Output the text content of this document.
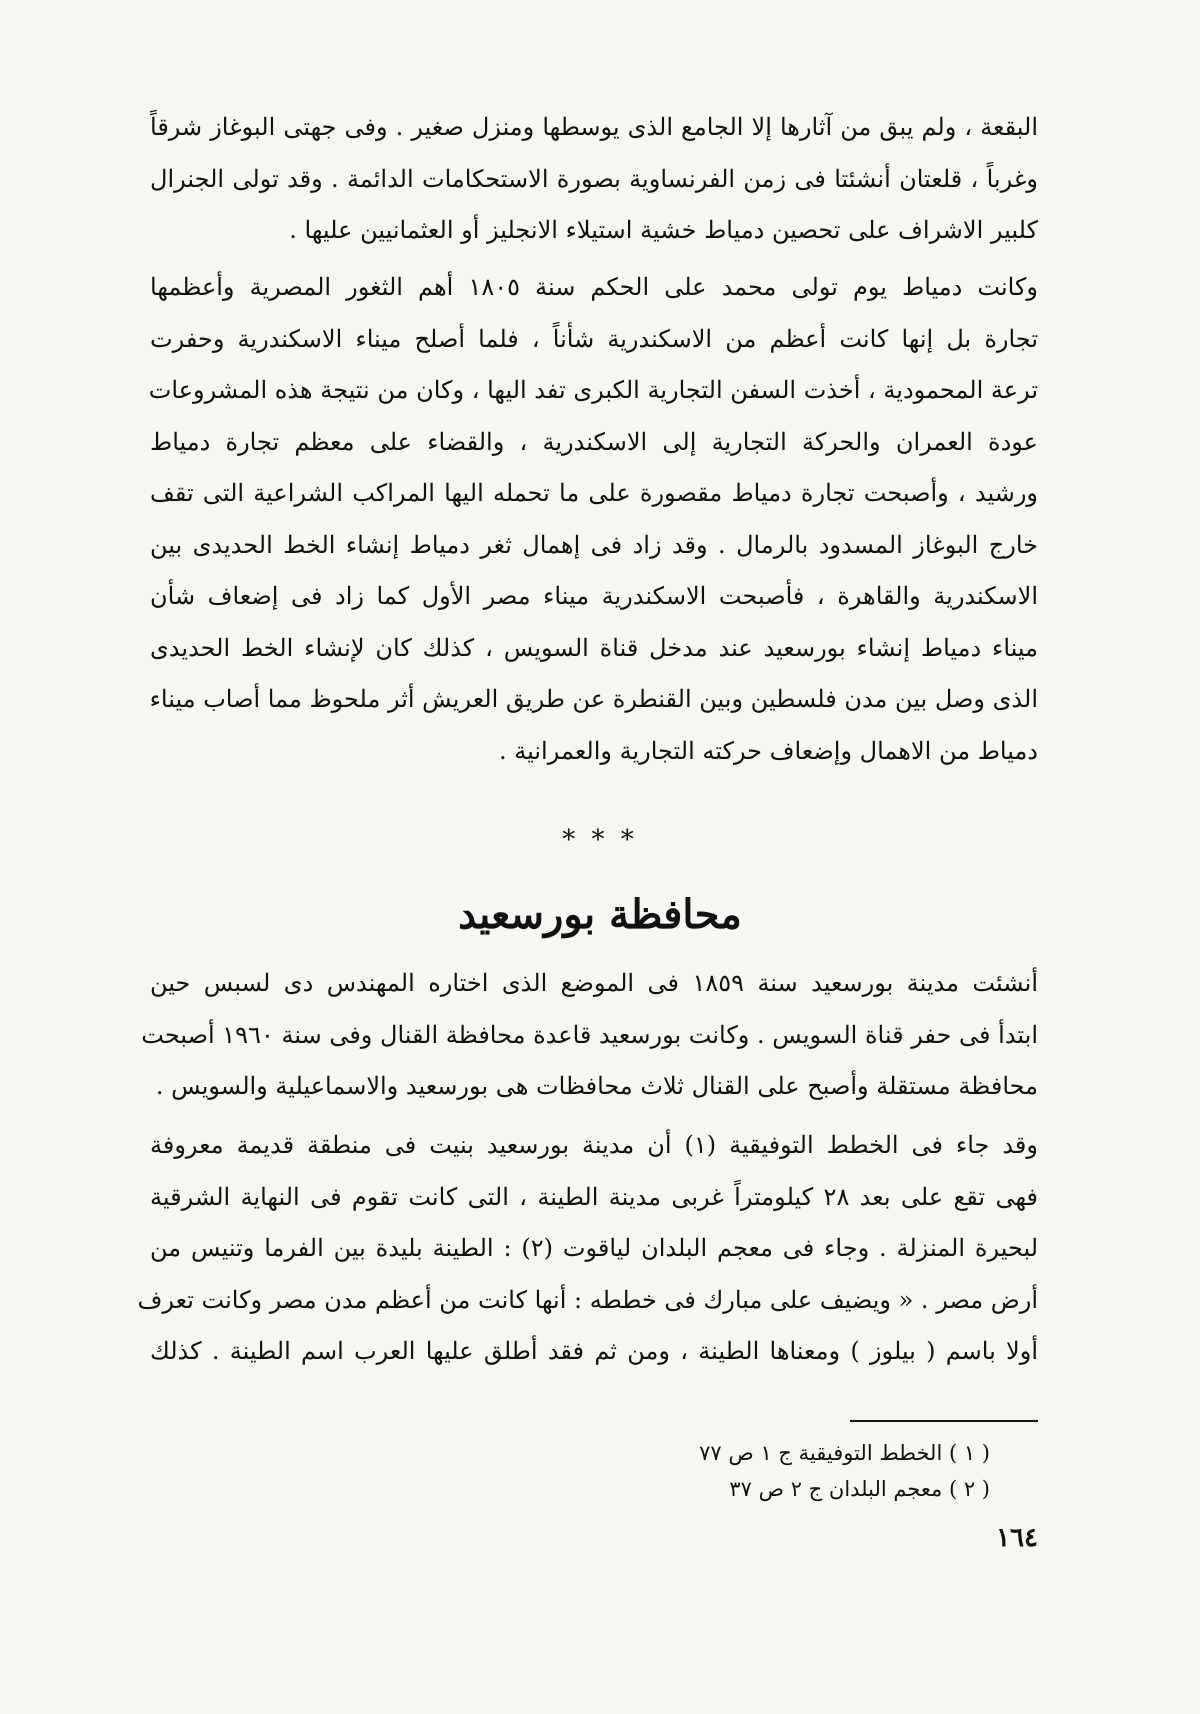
البقعة ، ولم يبق من آثارها إلا الجامع الذى يوسطها ومنزل صغير . وفى جهتى البوغاز شرقاً
وغرباً ، قلعتان أنشئتا فى زمن الفرنساوية بصورة الاستحكامات الدائمة . وقد تولى الجنرال
كلبير الاشراف على تحصين دمياط خشية استيلاء الانجليز أو العثمانيين عليها .
وكانت دمياط يوم تولى محمد على الحكم سنة ١٨٠٥ أهم الثغور المصرية وأعظمها
تجارة بل إنها كانت أعظم من الاسكندرية شأناً ، فلما أصلح ميناء الاسكندرية وحفرت
ترعة المحمودية ، أخذت السفن التجارية الكبرى تفد اليها ، وكان من نتيجة هذه المشروعات
عودة العمران والحركة التجارية إلى الاسكندرية ، والقضاء على معظم تجارة دمياط
ورشيد ، وأصبحت تجارة دمياط مقصورة على ما تحمله اليها المراكب الشراعية التى تقف
خارج البوغاز المسدود بالرمال . وقد زاد فى إهمال ثغر دمياط إنشاء الخط الحديدى بين
الاسكندرية والقاهرة ، فأصبحت الاسكندرية ميناء مصر الأول كما زاد فى إضعاف شأن
ميناء دمياط إنشاء بورسعيد عند مدخل قناة السويس ، كذلك كان لإنشاء الخط الحديدى
الذى وصل بين مدن فلسطين وبين القنطرة عن طريق العريش أثر ملحوظ مما أصاب ميناء
دمياط من الاهمال وإضعاف حركته التجارية والعمرانية .
* * *
محافظة بورسعيد
أنشئت مدينة بورسعيد سنة ١٨٥٩ فى الموضع الذى اختاره المهندس دى لسبس حين
ابتدأ فى حفر قناة السويس . وكانت بورسعيد قاعدة محافظة القنال وفى سنة ١٩٦٠ أصبحت
محافظة مستقلة وأصبح على القنال ثلاث محافظات هى بورسعيد والاسماعيلية والسويس .
وقد جاء فى الخطط التوفيقية (١) أن مدينة بورسعيد بنيت فى منطقة قديمة معروفة
فهى تقع على بعد ٢٨ كيلومتراً غربى مدينة الطينة ، التى كانت تقوم فى النهاية الشرقية
لبحيرة المنزلة . وجاء فى معجم البلدان لياقوت (٢) : الطينة بليدة بين الفرما وتنيس من
أرض مصر . « ويضيف على مبارك فى خططه : أنها كانت من أعظم مدن مصر وكانت تعرف
أولا باسم ( بيلوز ) ومعناها الطينة ، ومن ثم فقد أطلق عليها العرب اسم الطينة . كذلك
( ١ ) الخطط التوفيقية ج ١ ص ٧٧
( ٢ ) معجم البلدان ج ٢ ص ٣٧
١٦٤
